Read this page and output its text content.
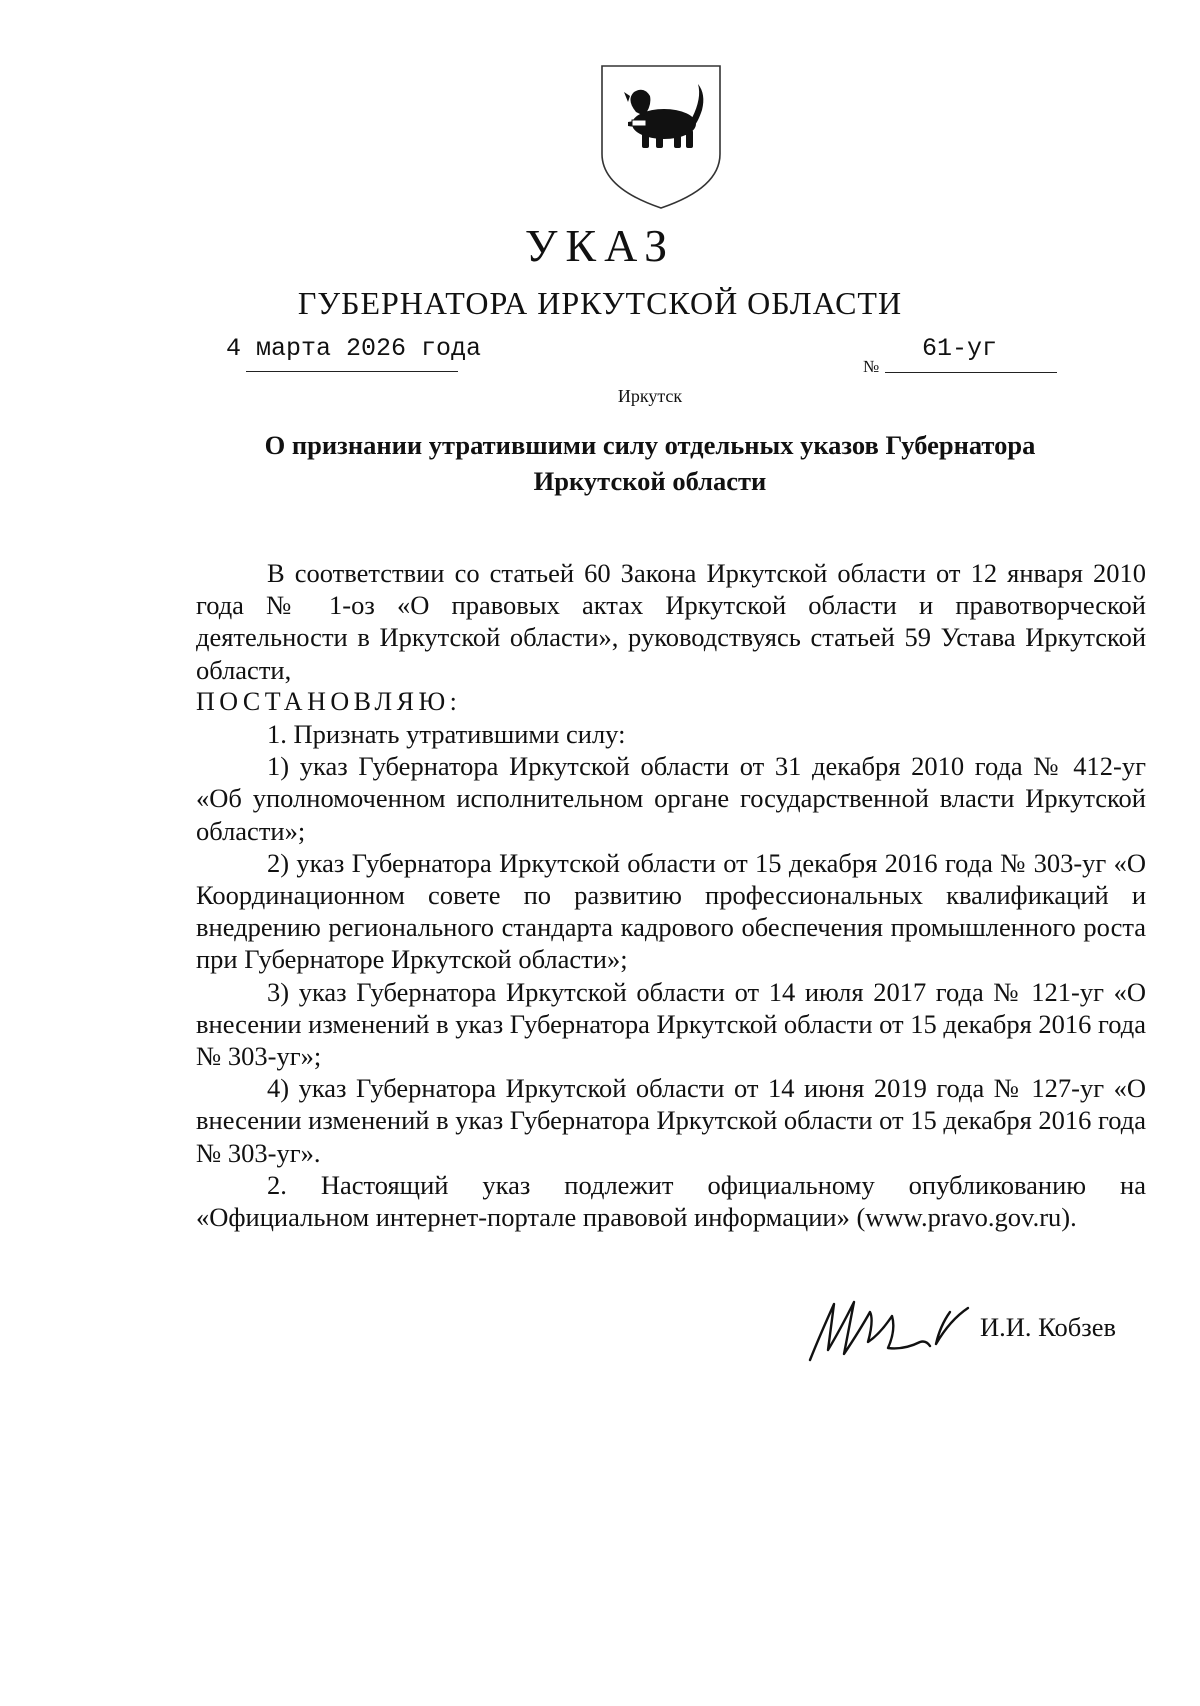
УКАЗ
ГУБЕРНАТОРА ИРКУТСКОЙ ОБЛАСТИ
4 марта 2026 года
№
61-уг
Иркутск
О признании утратившими силу отдельных указов Губернатора
Иркутской области

В соответствии со статьей 60 Закона Иркутской области от 12 января 2010 года № 1-оз «О правовых актах Иркутской области и правотворческой деятельности в Иркутской области», руководствуясь статьей 59 Устава Иркутской области,

ПОСТАНОВЛЯЮ:

1. Признать утратившими силу:

1) указ Губернатора Иркутской области от 31 декабря 2010 года № 412-уг «Об уполномоченном исполнительном органе государственной власти Иркутской области»;

2) указ Губернатора Иркутской области от 15 декабря 2016 года № 303-уг «О Координационном совете по развитию профессиональных квалификаций и внедрению регионального стандарта кадрового обеспечения промышленного роста при Губернаторе Иркутской области»;

3) указ Губернатора Иркутской области от 14 июля 2017 года № 121-уг «О внесении изменений в указ Губернатора Иркутской области от 15 декабря 2016 года № 303-уг»;

4) указ Губернатора Иркутской области от 14 июня 2019 года № 127-уг «О внесении изменений в указ Губернатора Иркутской области от 15 декабря 2016 года № 303-уг».

2. Настоящий указ подлежит официальному опубликованию на «Официальном интернет-портале правовой информации» (www.pravo.gov.ru).

И.И. Кобзев
